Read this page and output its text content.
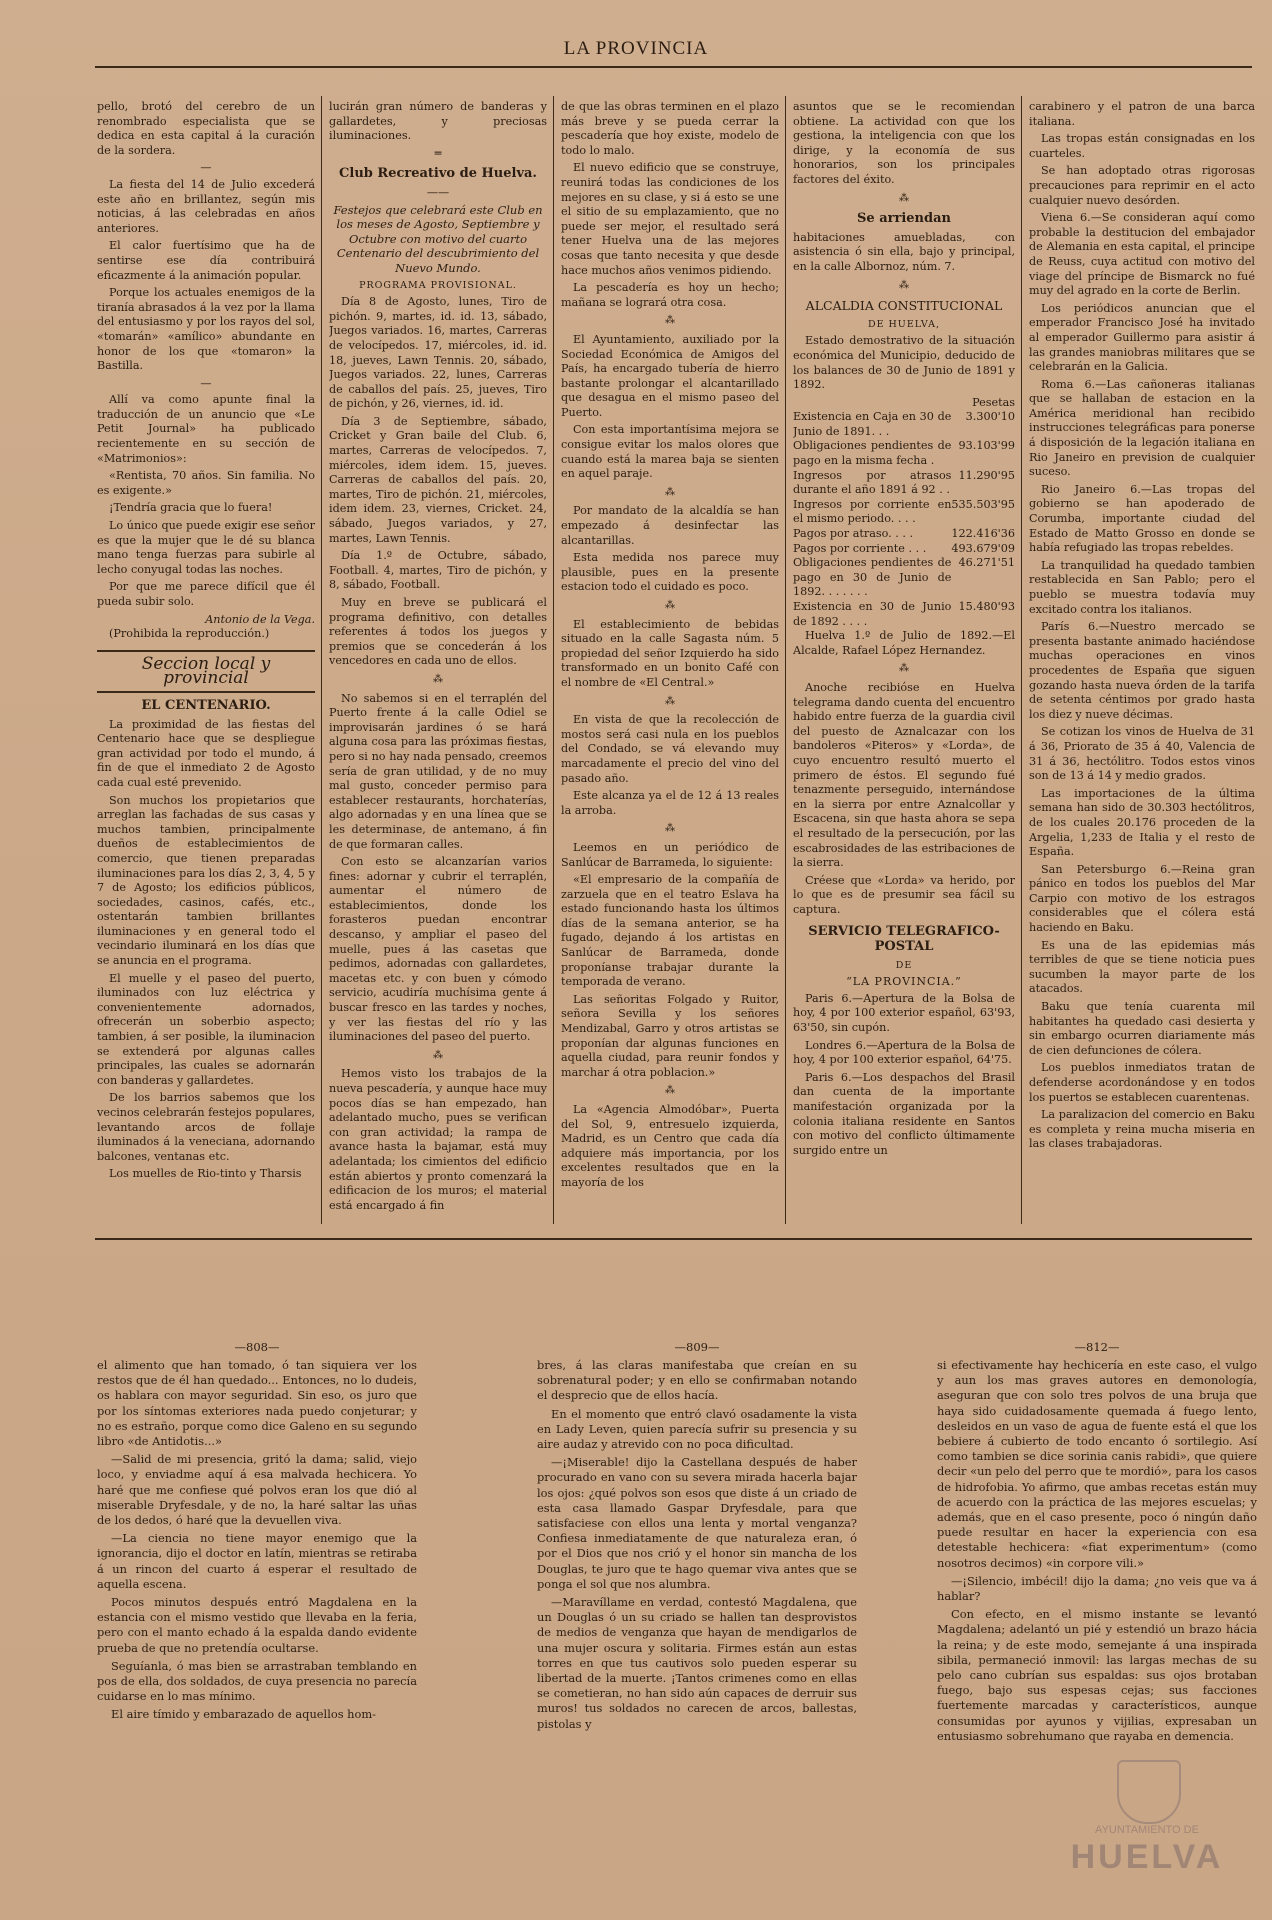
LA PROVINCIA

pello, brotó del cerebro de un renombrado especialista que se dedica en esta capital á la curación de la sordera.

—

La fiesta del 14 de Julio excederá este año en brillantez, según mis noticias, á las celebradas en años anteriores.

El calor fuertísimo que ha de sentirse ese día contribuirá eficazmente á la animación popular.

Porque los actuales enemigos de la tiranía abrasados á la vez por la llama del entusiasmo y por los rayos del sol, «tomarán» «amílico» abundante en honor de los que «tomaron» la Bastilla.

—

Allí va como apunte final la traducción de un anuncio que «Le Petit Journal» ha publicado recientemente en su sección de «Matrimonios»:

«Rentista, 70 años. Sin familia. No es exigente.»

¡Tendría gracia que lo fuera!

Lo único que puede exigir ese señor es que la mujer que le dé su blanca mano tenga fuerzas para subirle al lecho conyugal todas las noches.

Por que me parece difícil que él pueda subir solo.

Antonio de la Vega.

(Prohibida la reproducción.)

Seccion local y provincial
EL CENTENARIO.

La proximidad de las fiestas del Centenario hace que se despliegue gran actividad por todo el mundo, á fin de que el inmediato 2 de Agosto cada cual esté prevenido.

Son muchos los propietarios que arreglan las fachadas de sus casas y muchos tambien, principalmente dueños de establecimientos de comercio, que tienen preparadas iluminaciones para los días 2, 3, 4, 5 y 7 de Agosto; los edificios públicos, sociedades, casinos, cafés, etc., ostentarán tambien brillantes iluminaciones y en general todo el vecindario iluminará en los días que se anuncia en el programa.

El muelle y el paseo del puerto, iluminados con luz eléctrica y convenientemente adornados, ofrecerán un soberbio aspecto; tambien, á ser posible, la iluminacion se extenderá por algunas calles principales, las cuales se adornarán con banderas y gallardetes.

De los barrios sabemos que los vecinos celebrarán festejos populares, levantando arcos de follaje iluminados á la veneciana, adornando balcones, ventanas etc.

Los muelles de Rio-tinto y Tharsis

lucirán gran número de banderas y gallardetes, y preciosas iluminaciones.

═
Club Recreativo de Huelva.
——

Festejos que celebrará este Club en los meses de Agosto, Septiembre y Octubre con motivo del cuarto Centenario del descubrimiento del Nuevo Mundo.

PROGRAMA PROVISIONAL.

Día 8 de Agosto, lunes, Tiro de pichón. 9, martes, id. id. 13, sábado, Juegos variados. 16, martes, Carreras de velocípedos. 17, miércoles, id. id. 18, jueves, Lawn Tennis. 20, sábado, Juegos variados. 22, lunes, Carreras de caballos del país. 25, jueves, Tiro de pichón, y 26, viernes, id. id.

Día 3 de Septiembre, sábado, Cricket y Gran baile del Club. 6, martes, Carreras de velocípedos. 7, miércoles, idem idem. 15, jueves. Carreras de caballos del país. 20, martes, Tiro de pichón. 21, miércoles, idem idem. 23, viernes, Cricket. 24, sábado, Juegos variados, y 27, martes, Lawn Tennis.

Día 1.º de Octubre, sábado, Football. 4, martes, Tiro de pichón, y 8, sábado, Football.

Muy en breve se publicará el programa definitivo, con detalles referentes á todos los juegos y premios que se concederán á los vencedores en cada uno de ellos.

⁂

No sabemos si en el terraplén del Puerto frente á la calle Odiel se improvisarán jardines ó se hará alguna cosa para las próximas fiestas, pero si no hay nada pensado, creemos sería de gran utilidad, y de no muy mal gusto, conceder permiso para establecer restaurants, horchaterías, algo adornadas y en una línea que se les determinase, de antemano, á fin de que formaran calles.

Con esto se alcanzarían varios fines: adornar y cubrir el terraplén, aumentar el número de establecimientos, donde los forasteros puedan encontrar descanso, y ampliar el paseo del muelle, pues á las casetas que pedimos, adornadas con gallardetes, macetas etc. y con buen y cómodo servicio, acudiría muchísima gente á buscar fresco en las tardes y noches, y ver las fiestas del río y las iluminaciones del paseo del puerto.

⁂

Hemos visto los trabajos de la nueva pescadería, y aunque hace muy pocos días se han empezado, han adelantado mucho, pues se verifican con gran actividad; la rampa de avance hasta la bajamar, está muy adelantada; los cimientos del edificio están abiertos y pronto comenzará la edificacion de los muros; el material está encargado á fin

de que las obras terminen en el plazo más breve y se pueda cerrar la pescadería que hoy existe, modelo de todo lo malo.

El nuevo edificio que se construye, reunirá todas las condiciones de los mejores en su clase, y si á esto se une el sitio de su emplazamiento, que no puede ser mejor, el resultado será tener Huelva una de las mejores cosas que tanto necesita y que desde hace muchos años venimos pidiendo.

La pescadería es hoy un hecho; mañana se logrará otra cosa.

⁂

El Ayuntamiento, auxiliado por la Sociedad Económica de Amigos del País, ha encargado tubería de hierro bastante prolongar el alcantarillado que desagua en el mismo paseo del Puerto.

Con esta importantísima mejora se consigue evitar los malos olores que cuando está la marea baja se sienten en aquel paraje.

⁂

Por mandato de la alcaldía se han empezado á desinfectar las alcantarillas.

Esta medida nos parece muy plausible, pues en la presente estacion todo el cuidado es poco.

⁂

El establecimiento de bebidas situado en la calle Sagasta núm. 5 propiedad del señor Izquierdo ha sido transformado en un bonito Café con el nombre de «El Central.»

⁂

En vista de que la recolección de mostos será casi nula en los pueblos del Condado, se vá elevando muy marcadamente el precio del vino del pasado año.

Este alcanza ya el de 12 á 13 reales la arroba.

⁂

Leemos en un periódico de Sanlúcar de Barrameda, lo siguiente:

«El empresario de la compañía de zarzuela que en el teatro Eslava ha estado funcionando hasta los últimos días de la semana anterior, se ha fugado, dejando á los artistas en Sanlúcar de Barrameda, donde proponíanse trabajar durante la temporada de verano.

Las señoritas Folgado y Ruitor, señora Sevilla y los señores Mendizabal, Garro y otros artistas se proponían dar algunas funciones en aquella ciudad, para reunir fondos y marchar á otra poblacion.»

⁂

La «Agencia Almodóbar», Puerta del Sol, 9, entresuelo izquierda, Madrid, es un Centro que cada día adquiere más importancia, por los excelentes resultados que en la mayoría de los

asuntos que se le recomiendan obtiene. La actividad con que los gestiona, la inteligencia con que los dirige, y la economía de sus honorarios, son los principales factores del éxito.

⁂
Se arriendan

habitaciones amuebladas, con asistencia ó sin ella, bajo y principal, en la calle Albornoz, núm. 7.

⁂
ALCALDIA CONSTITUCIONAL
DE HUELVA,

Estado demostrativo de la situación económica del Municipio, deducido de los balances de 30 de Junio de 1891 y 1892.

Pesetas
Existencia en Caja en 30 de Junio de 1891. . .	3.300'10
Obligaciones pendientes de pago en la misma fecha .	93.103'99
Ingresos por atrasos durante el año 1891 á 92 . .	11.290'95
Ingresos por corriente en el mismo periodo. . . .	535.503'95
Pagos por atraso. . . .	122.416'36
Pagos por corriente . . .	493.679'09
Obligaciones pendientes de pago en 30 de Junio de 1892. . . . . . .	46.271'51
Existencia en 30 de Junio de 1892 . . . .	15.480'93

Huelva 1.º de Julio de 1892.—El Alcalde, Rafael López Hernandez.

⁂

Anoche recibióse en Huelva telegrama dando cuenta del encuentro habido entre fuerza de la guardia civil del puesto de Aznalcazar con los bandoleros «Piteros» y «Lorda», de cuyo encuentro resultó muerto el primero de éstos. El segundo fué tenazmente perseguido, internándose en la sierra por entre Aznalcollar y Escacena, sin que hasta ahora se sepa el resultado de la persecución, por las escabrosidades de las estribaciones de la sierra.

Créese que «Lorda» va herido, por lo que es de presumir sea fácil su captura.

SERVICIO TELEGRAFICO-POSTAL
DE
“LA PROVINCIA.”

Paris 6.—Apertura de la Bolsa de hoy, 4 por 100 exterior español, 63'93, 63'50, sin cupón.

Londres 6.—Apertura de la Bolsa de hoy, 4 por 100 exterior español, 64'75.

Paris 6.—Los despachos del Brasil dan cuenta de la importante manifestación organizada por la colonia italiana residente en Santos con motivo del conflicto últimamente surgido entre un

carabinero y el patron de una barca italiana.

Las tropas están consignadas en los cuarteles.

Se han adoptado otras rigorosas precauciones para reprimir en el acto cualquier nuevo desórden.

Viena 6.—Se consideran aquí como probable la destitucion del embajador de Alemania en esta capital, el principe de Reuss, cuya actitud con motivo del viage del príncipe de Bismarck no fué muy del agrado en la corte de Berlin.

Los periódicos anuncian que el emperador Francisco José ha invitado al emperador Guillermo para asistir á las grandes maniobras militares que se celebrarán en la Galicia.

Roma 6.—Las cañoneras italianas que se hallaban de estacion en la América meridional han recibido instrucciones telegráficas para ponerse á disposición de la legación italiana en Rio Janeiro en prevision de cualquier suceso.

Rio Janeiro 6.—Las tropas del gobierno se han apoderado de Corumba, importante ciudad del Estado de Matto Grosso en donde se había refugiado las tropas rebeldes.

La tranquilidad ha quedado tambien restablecida en San Pablo; pero el pueblo se muestra todavía muy excitado contra los italianos.

París 6.—Nuestro mercado se presenta bastante animado haciéndose muchas operaciones en vinos procedentes de España que siguen gozando hasta nueva órden de la tarifa de setenta céntimos por grado hasta los diez y nueve décimas.

Se cotizan los vinos de Huelva de 31 á 36, Priorato de 35 á 40, Valencia de 31 á 36, hectólitro. Todos estos vinos son de 13 á 14 y medio grados.

Las importaciones de la última semana han sido de 30.303 hectólitros, de los cuales 20.176 proceden de la Argelia, 1,233 de Italia y el resto de España.

San Petersburgo 6.—Reina gran pánico en todos los pueblos del Mar Carpio con motivo de los estragos considerables que el cólera está haciendo en Baku.

Es una de las epidemias más terribles de que se tiene noticia pues sucumben la mayor parte de los atacados.

Baku que tenía cuarenta mil habitantes ha quedado casi desierta y sin embargo ocurren diariamente más de cien defunciones de cólera.

Los pueblos inmediatos tratan de defenderse acordonándose y en todos los puertos se establecen cuarentenas.

La paralizacion del comercio en Baku es completa y reina mucha miseria en las clases trabajadoras.

—808—	—809—	—812—

el alimento que han tomado, ó tan siquiera ver los restos que de él han quedado... Entonces, no lo dudeis, os hablara con mayor seguridad. Sin eso, os juro que por los síntomas exteriores nada puedo conjeturar; y no es estraño, porque como dice Galeno en su segundo libro «de Antidotis...»

—Salid de mi presencia, gritó la dama; salid, viejo loco, y enviadme aquí á esa malvada hechicera. Yo haré que me confiese qué polvos eran los que dió al miserable Dryfesdale, y de no, la haré saltar las uñas de los dedos, ó haré que la devuellen viva.

—La ciencia no tiene mayor enemigo que la ignorancia, dijo el doctor en latín, mientras se retiraba á un rincon del cuarto á esperar el resultado de aquella escena.

Pocos minutos después entró Magdalena en la estancia con el mismo vestido que llevaba en la feria, pero con el manto echado á la espalda dando evidente prueba de que no pretendía ocultarse.

Seguíanla, ó mas bien se arrastraban temblando en pos de ella, dos soldados, de cuya presencia no parecía cuidarse en lo mas mínimo.

El aire tímido y embarazado de aquellos hom-

bres, á las claras manifestaba que creían en su sobrenatural poder; y en ello se confirmaban notando el desprecio que de ellos hacía.

En el momento que entró clavó osadamente la vista en Lady Leven, quien parecía sufrir su presencia y su aire audaz y atrevido con no poca dificultad.

—¡Miserable! dijo la Castellana después de haber procurado en vano con su severa mirada hacerla bajar los ojos: ¿qué polvos son esos que diste á un criado de esta casa llamado Gaspar Dryfesdale, para que satisfaciese con ellos una lenta y mortal venganza? Confiesa inmediatamente de que naturaleza eran, ó por el Dios que nos crió y el honor sin mancha de los Douglas, te juro que te hago quemar viva antes que se ponga el sol que nos alumbra.

—Maravíllame en verdad, contestó Magdalena, que un Douglas ó un su criado se hallen tan desprovistos de medios de venganza que hayan de mendigarlos de una mujer oscura y solitaria. Firmes están aun estas torres en que tus cautivos solo pueden esperar su libertad de la muerte. ¡Tantos crimenes como en ellas se cometieran, no han sido aún capaces de derruir sus muros! tus soldados no carecen de arcos, ballestas, pistolas y

si efectivamente hay hechicería en este caso, el vulgo y aun los mas graves autores en demonología, aseguran que con solo tres polvos de una bruja que haya sido cuidadosamente quemada á fuego lento, desleidos en un vaso de agua de fuente está el que los bebiere á cubierto de todo encanto ó sortilegio. Así como tambien se dice sorinia canis rabidi», que quiere decir «un pelo del perro que te mordió», para los casos de hidrofobia. Yo afirmo, que ambas recetas están muy de acuerdo con la práctica de las mejores escuelas; y además, que en el caso presente, poco ó ningún daño puede resultar en hacer la experiencia con esa detestable hechicera: «fiat experimentum» (como nosotros decimos) «in corpore vili.»

—¡Silencio, imbécil! dijo la dama; ¿no veis que va á hablar?

Con efecto, en el mismo instante se levantó Magdalena; adelantó un pié y estendió un brazo hácia la reina; y de este modo, semejante á una inspirada sibila, permaneció inmovil: las largas mechas de su pelo cano cubrían sus espaldas: sus ojos brotaban fuego, bajo sus espesas cejas; sus facciones fuertemente marcadas y característicos, aunque consumidas por ayunos y vijilias, expresaban un entusiasmo sobrehumano que rayaba en demencia.

AYUNTAMIENTO DE
HUELVA
